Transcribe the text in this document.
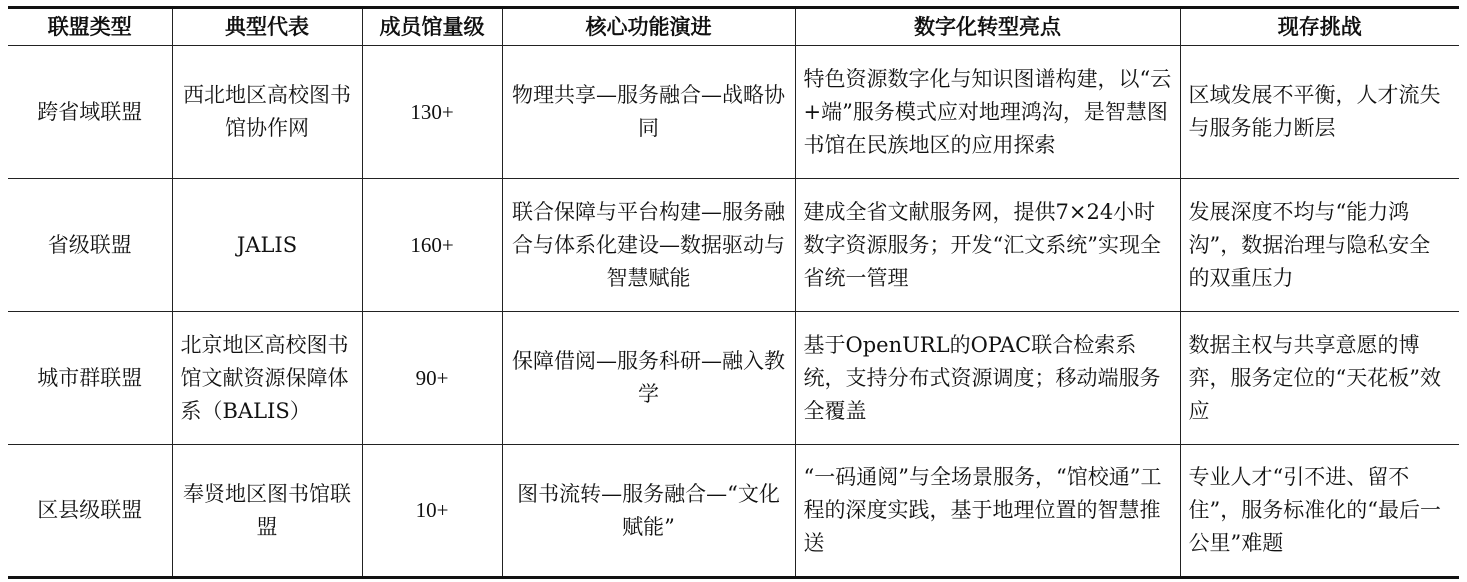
联盟类型	典型代表	成员馆量级	核心功能演进	数字化转型亮点	现存挑战
跨省域联盟	西北地区高校图书馆协作网	130+	物理共享—服务融合—战略协同	特色资源数字化与知识图谱构建，以“云+端”服务模式应对地理鸿沟，是智慧图书馆在民族地区的应用探索	区域发展不平衡，人才流失与服务能力断层
省级联盟	JALIS	160+	联合保障与平台构建—服务融合与体系化建设—数据驱动与智慧赋能	建成全省文献服务网，提供7×24小时数字资源服务；开发“汇文系统”实现全省统一管理	发展深度不均与“能力鸿沟”，数据治理与隐私安全的双重压力
城市群联盟	北京地区高校图书馆文献资源保障体系（BALIS）	90+	保障借阅—服务科研—融入教学	基于OpenURL的OPAC联合检索系统，支持分布式资源调度；移动端服务全覆盖	数据主权与共享意愿的博弈，服务定位的“天花板”效应
区县级联盟	奉贤地区图书馆联盟	10+	图书流转—服务融合—“文化赋能”	“一码通阅”与全场景服务，“馆校通”工程的深度实践，基于地理位置的智慧推送	专业人才“引不进、留不住”，服务标准化的“最后一公里”难题
